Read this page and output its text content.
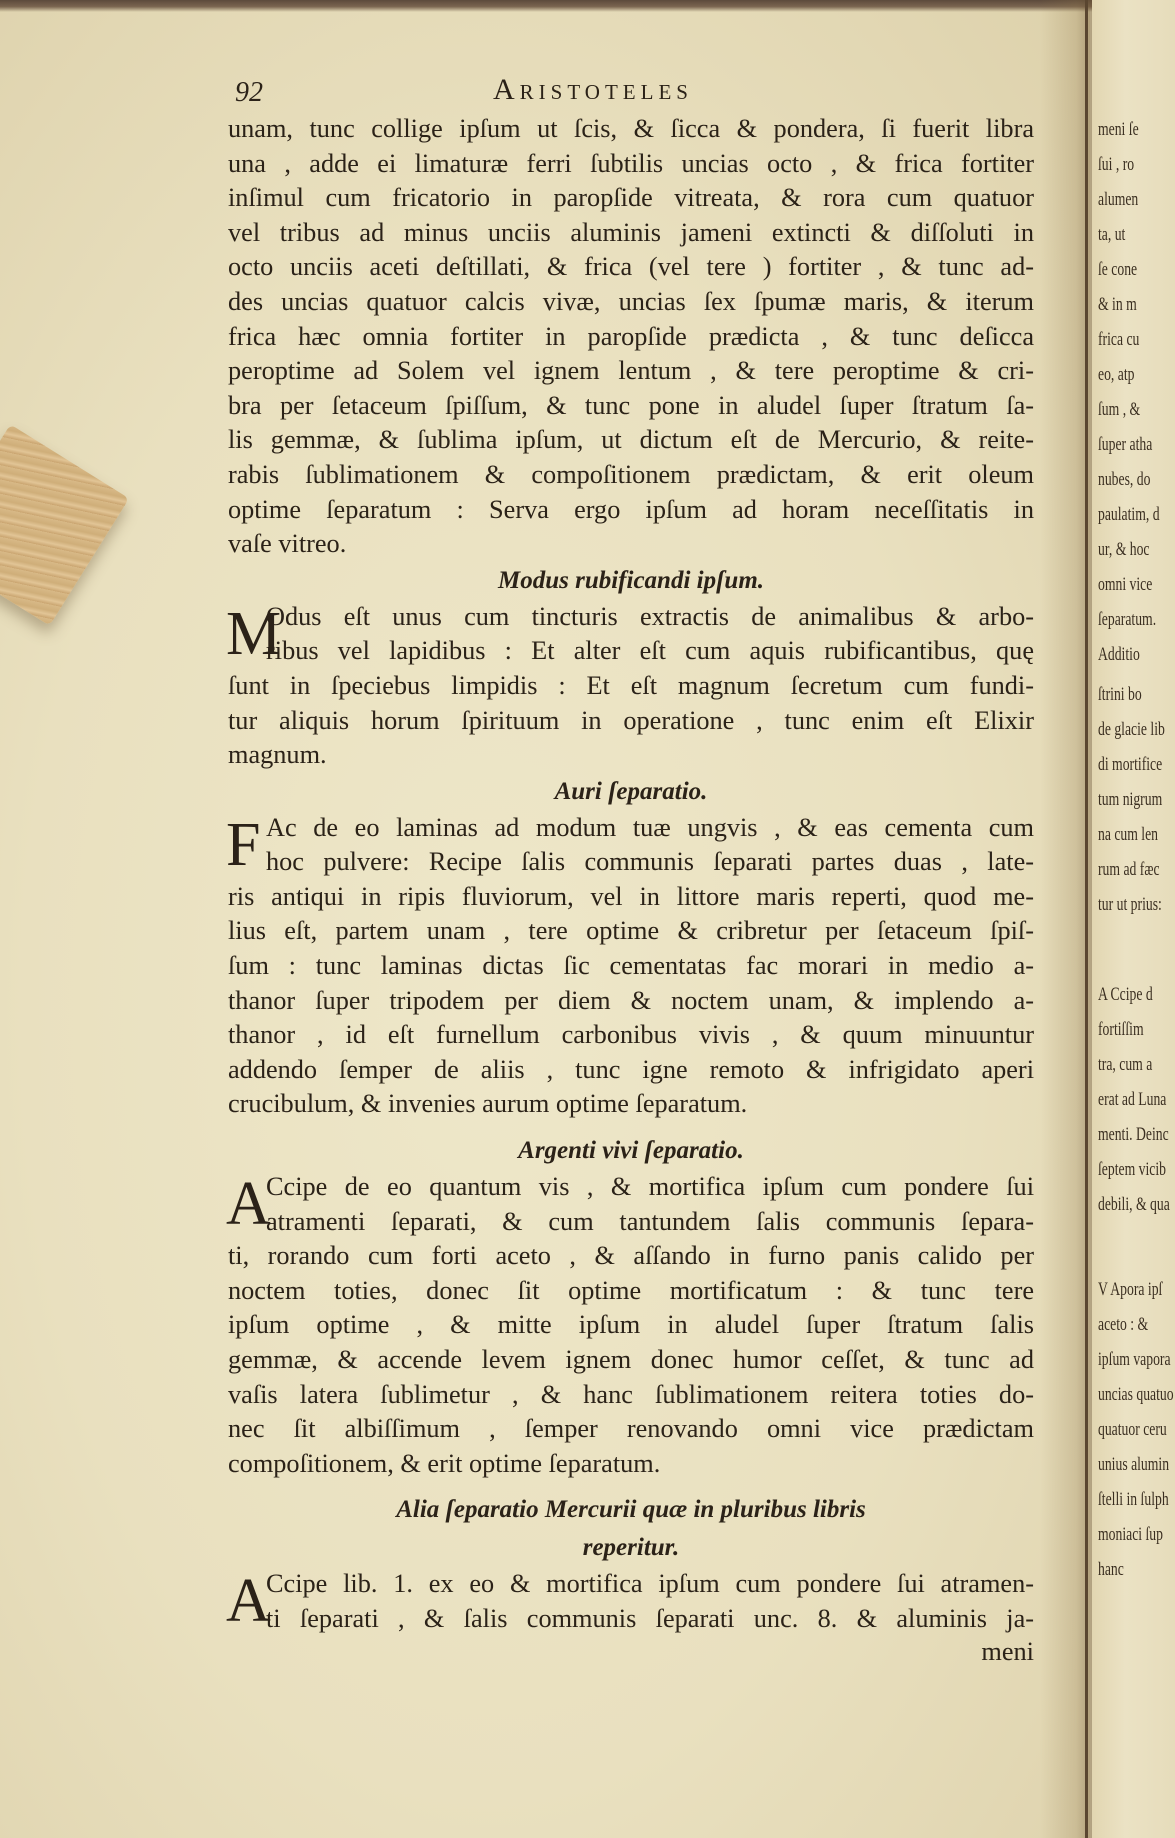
92	Aristoteles
unam, tunc collige ipſum ut ſcis, & ſicca & pondera, ſi fuerit libra
una , adde ei limaturæ ferri ſubtilis uncias octo , & frica fortiter
inſimul cum fricatorio in paropſide vitreata, & rora cum quatuor
vel tribus ad minus unciis aluminis jameni extincti & diſſoluti in
octo unciis aceti deſtillati, & frica (vel tere ) fortiter , & tunc ad-
des uncias quatuor calcis vivæ, uncias ſex ſpumæ maris, & iterum
frica hæc omnia fortiter in paropſide prædicta , & tunc deſicca
peroptime ad Solem vel ignem lentum , & tere peroptime & cri-
bra per ſetaceum ſpiſſum, & tunc pone in aludel ſuper ſtratum ſa-
lis gemmæ, & ſublima ipſum, ut dictum eſt de Mercurio, & reite-
rabis ſublimationem & compoſitionem prædictam, & erit oleum
optime ſeparatum : Serva ergo ipſum ad horam neceſſitatis in
vaſe vitreo.
Modus rubificandi ipſum.
M
Odus eſt unus cum tincturis extractis de animalibus & arbo-
ribus vel lapidibus : Et alter eſt cum aquis rubificantibus, quę
ſunt in ſpeciebus limpidis : Et eſt magnum ſecretum cum fundi-
tur aliquis horum ſpirituum in operatione , tunc enim eſt Elixir
magnum.
Auri ſeparatio.
F Ac de eo laminas ad modum tuæ ungvis , & eas cementa cum
hoc pulvere: Recipe ſalis communis ſeparati partes duas , late-
ris antiqui in ripis fluviorum, vel in littore maris reperti, quod me-
lius eſt, partem unam , tere optime & cribretur per ſetaceum ſpiſ-
ſum : tunc laminas dictas ſic cementatas fac morari in medio a-
thanor ſuper tripodem per diem & noctem unam, & implendo a-
thanor , id eſt furnellum carbonibus vivis , & quum minuuntur
addendo ſemper de aliis , tunc igne remoto & infrigidato aperi
crucibulum, & invenies aurum optime ſeparatum.
Argenti vivi ſeparatio.
A
Ccipe de eo quantum vis , & mortifica ipſum cum pondere ſui
atramenti ſeparati, & cum tantundem ſalis communis ſepara-
ti, rorando cum forti aceto , & aſſando in furno panis calido per
noctem toties, donec ſit optime mortificatum : & tunc tere
ipſum optime , & mitte ipſum in aludel ſuper ſtratum ſalis
gemmæ, & accende levem ignem donec humor ceſſet, & tunc ad
vaſis latera ſublimetur , & hanc ſublimationem reitera toties do-
nec ſit albiſſimum , ſemper renovando omni vice prædictam
compoſitionem, & erit optime ſeparatum.
Alia ſeparatio Mercurii quæ in pluribus libris
reperitur.
A
Ccipe lib. 1. ex eo & mortifica ipſum cum pondere ſui atramen-
ti ſeparati , & ſalis communis ſeparati unc. 8. & aluminis ja-
meni
meni ſe
ſui , ro
alumen
ta, ut
ſe cone
& in m
frica cu
eo, atp
ſum , &
ſuper atha
nubes, do
paulatim, d
ur, & hoc
omni vice
ſeparatum.
Additio
ſtrini bo
de glacie lib
di mortifice
tum nigrum
na cum len
rum ad fæc
tur ut prius:
A Ccipe d
fortiſſim
tra, cum a
erat ad Luna
menti. Deinc
ſeptem vicib
debili, & qua
V Apora ipſ
aceto : &
ipſum vapora
uncias quatuo
quatuor ceru
unius alumin
ſtelli in ſulph
moniaci ſup
hanc
